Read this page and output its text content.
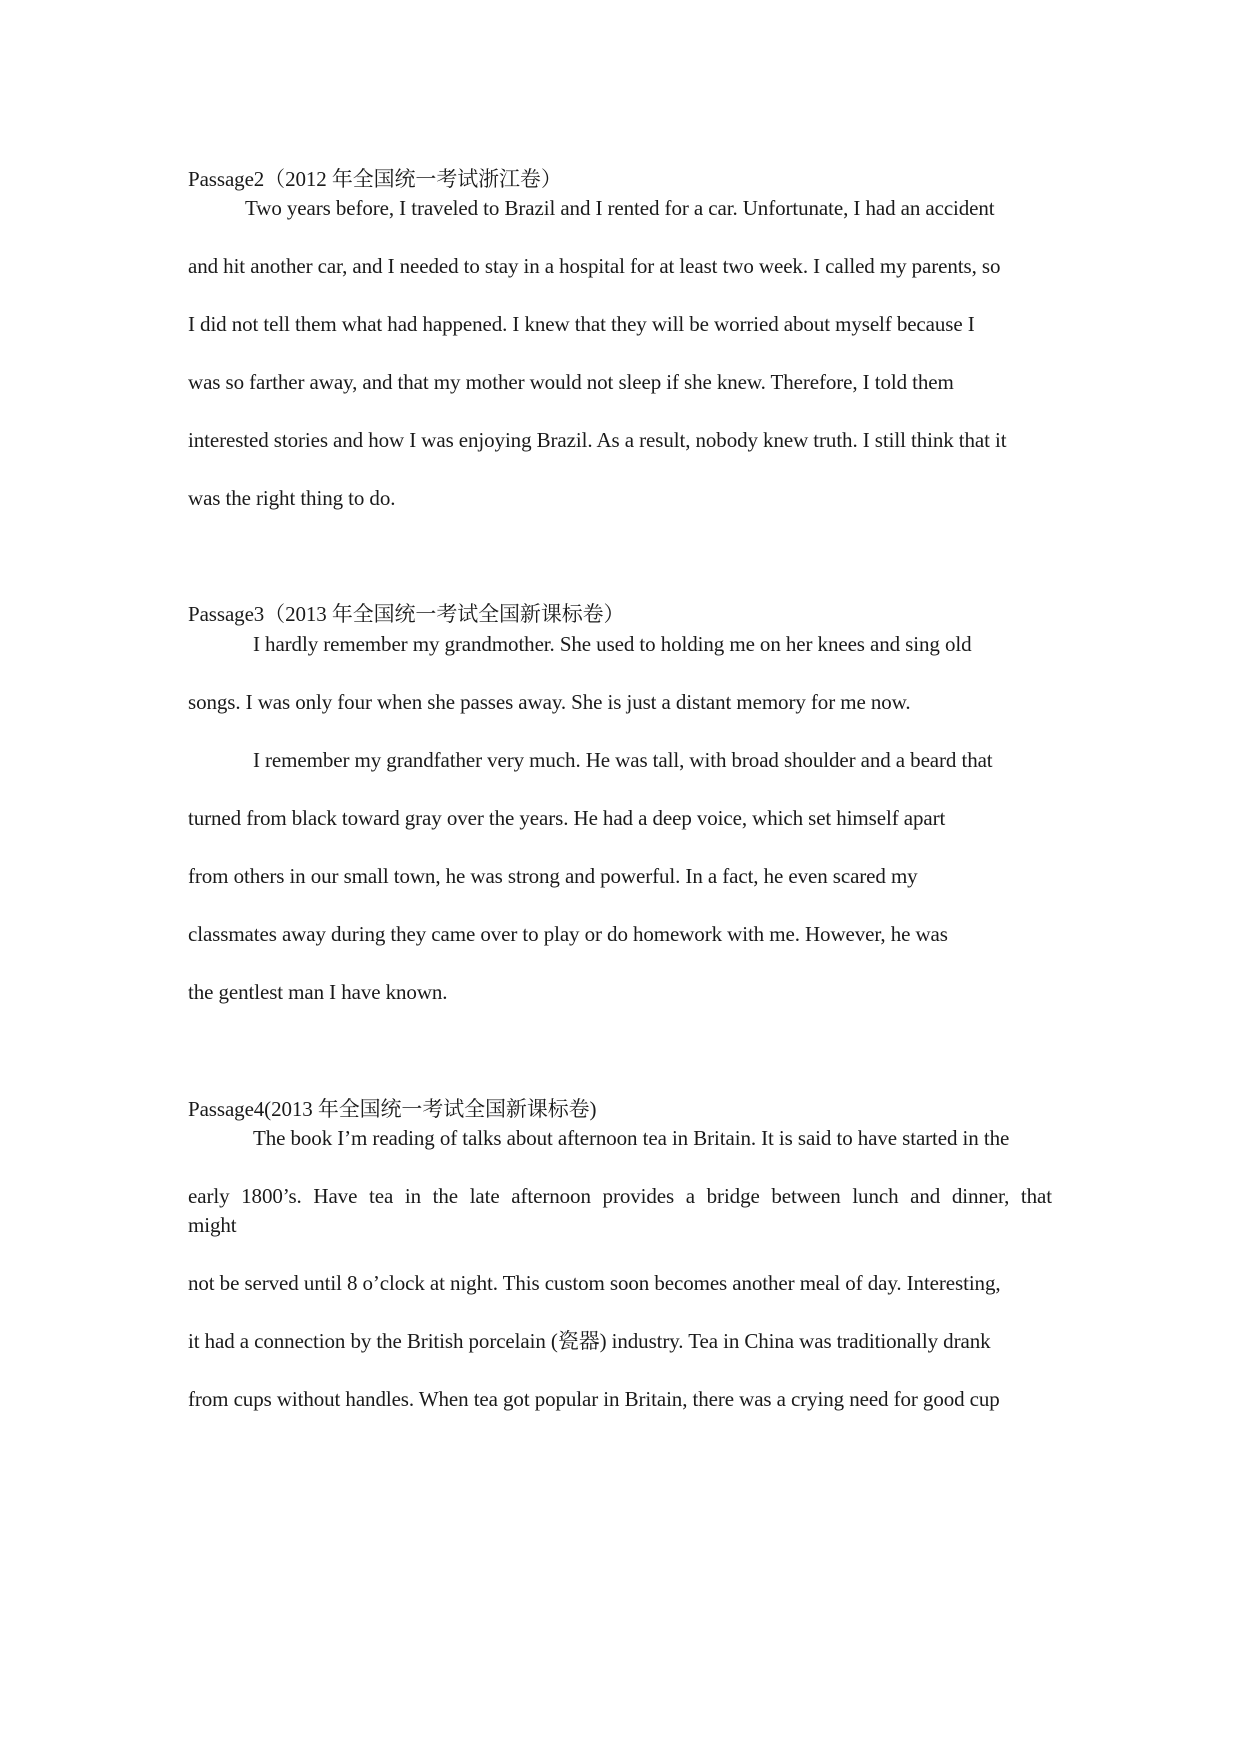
Passage2（2012 年全国统一考试浙江卷）
Two years before, I traveled to Brazil and I rented for a car. Unfortunate, I had an accident
and hit another car, and I needed to stay in a hospital for at least two week. I called my parents, so
I did not tell them what had happened. I knew that they will be worried about myself because I
was so farther away, and that my mother would not sleep if she knew. Therefore, I told them
interested stories and how I was enjoying Brazil. As a result, nobody knew truth. I still think that it
was the right thing to do.
Passage3（2013 年全国统一考试全国新课标卷）
I hardly remember my grandmother. She used to holding me on her knees and sing old
songs. I was only four when she passes away. She is just a distant memory for me now.
I remember my grandfather very much. He was tall, with broad shoulder and a beard that
turned from black toward gray over the years. He had a deep voice, which set himself apart
from others in our small town, he was strong and powerful. In a fact, he even scared my
classmates away during they came over to play or do homework with me. However, he was
the gentlest man I have known.
Passage4(2013 年全国统一考试全国新课标卷)
The book I’m reading of talks about afternoon tea in Britain. It is said to have started in the
early 1800’s. Have tea in the late afternoon provides a bridge between lunch and dinner, that
might
not be served until 8 o’clock at night. This custom soon becomes another meal of day. Interesting,
it had a connection by the British porcelain (瓷器) industry. Tea in China was traditionally drank
from cups without handles. When tea got popular in Britain, there was a crying need for good cup
